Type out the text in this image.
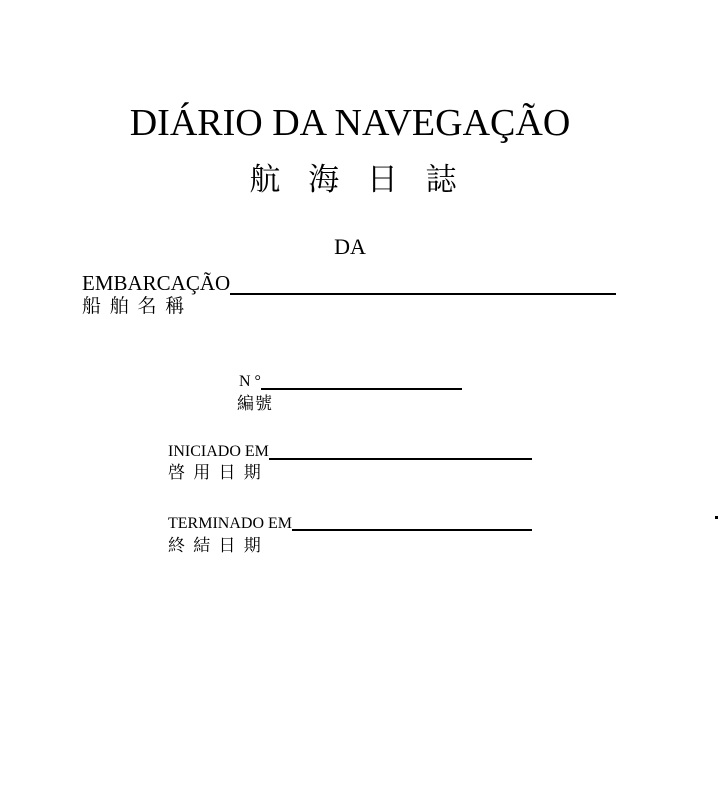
DIÁRIO DA NAVEGAÇÃO
航 海 日 誌
DA
EMBARCAÇÃO
船 舶 名 稱
N °
編號
INICIADO EM
啓 用 日 期
TERMINADO EM
終 結 日 期
